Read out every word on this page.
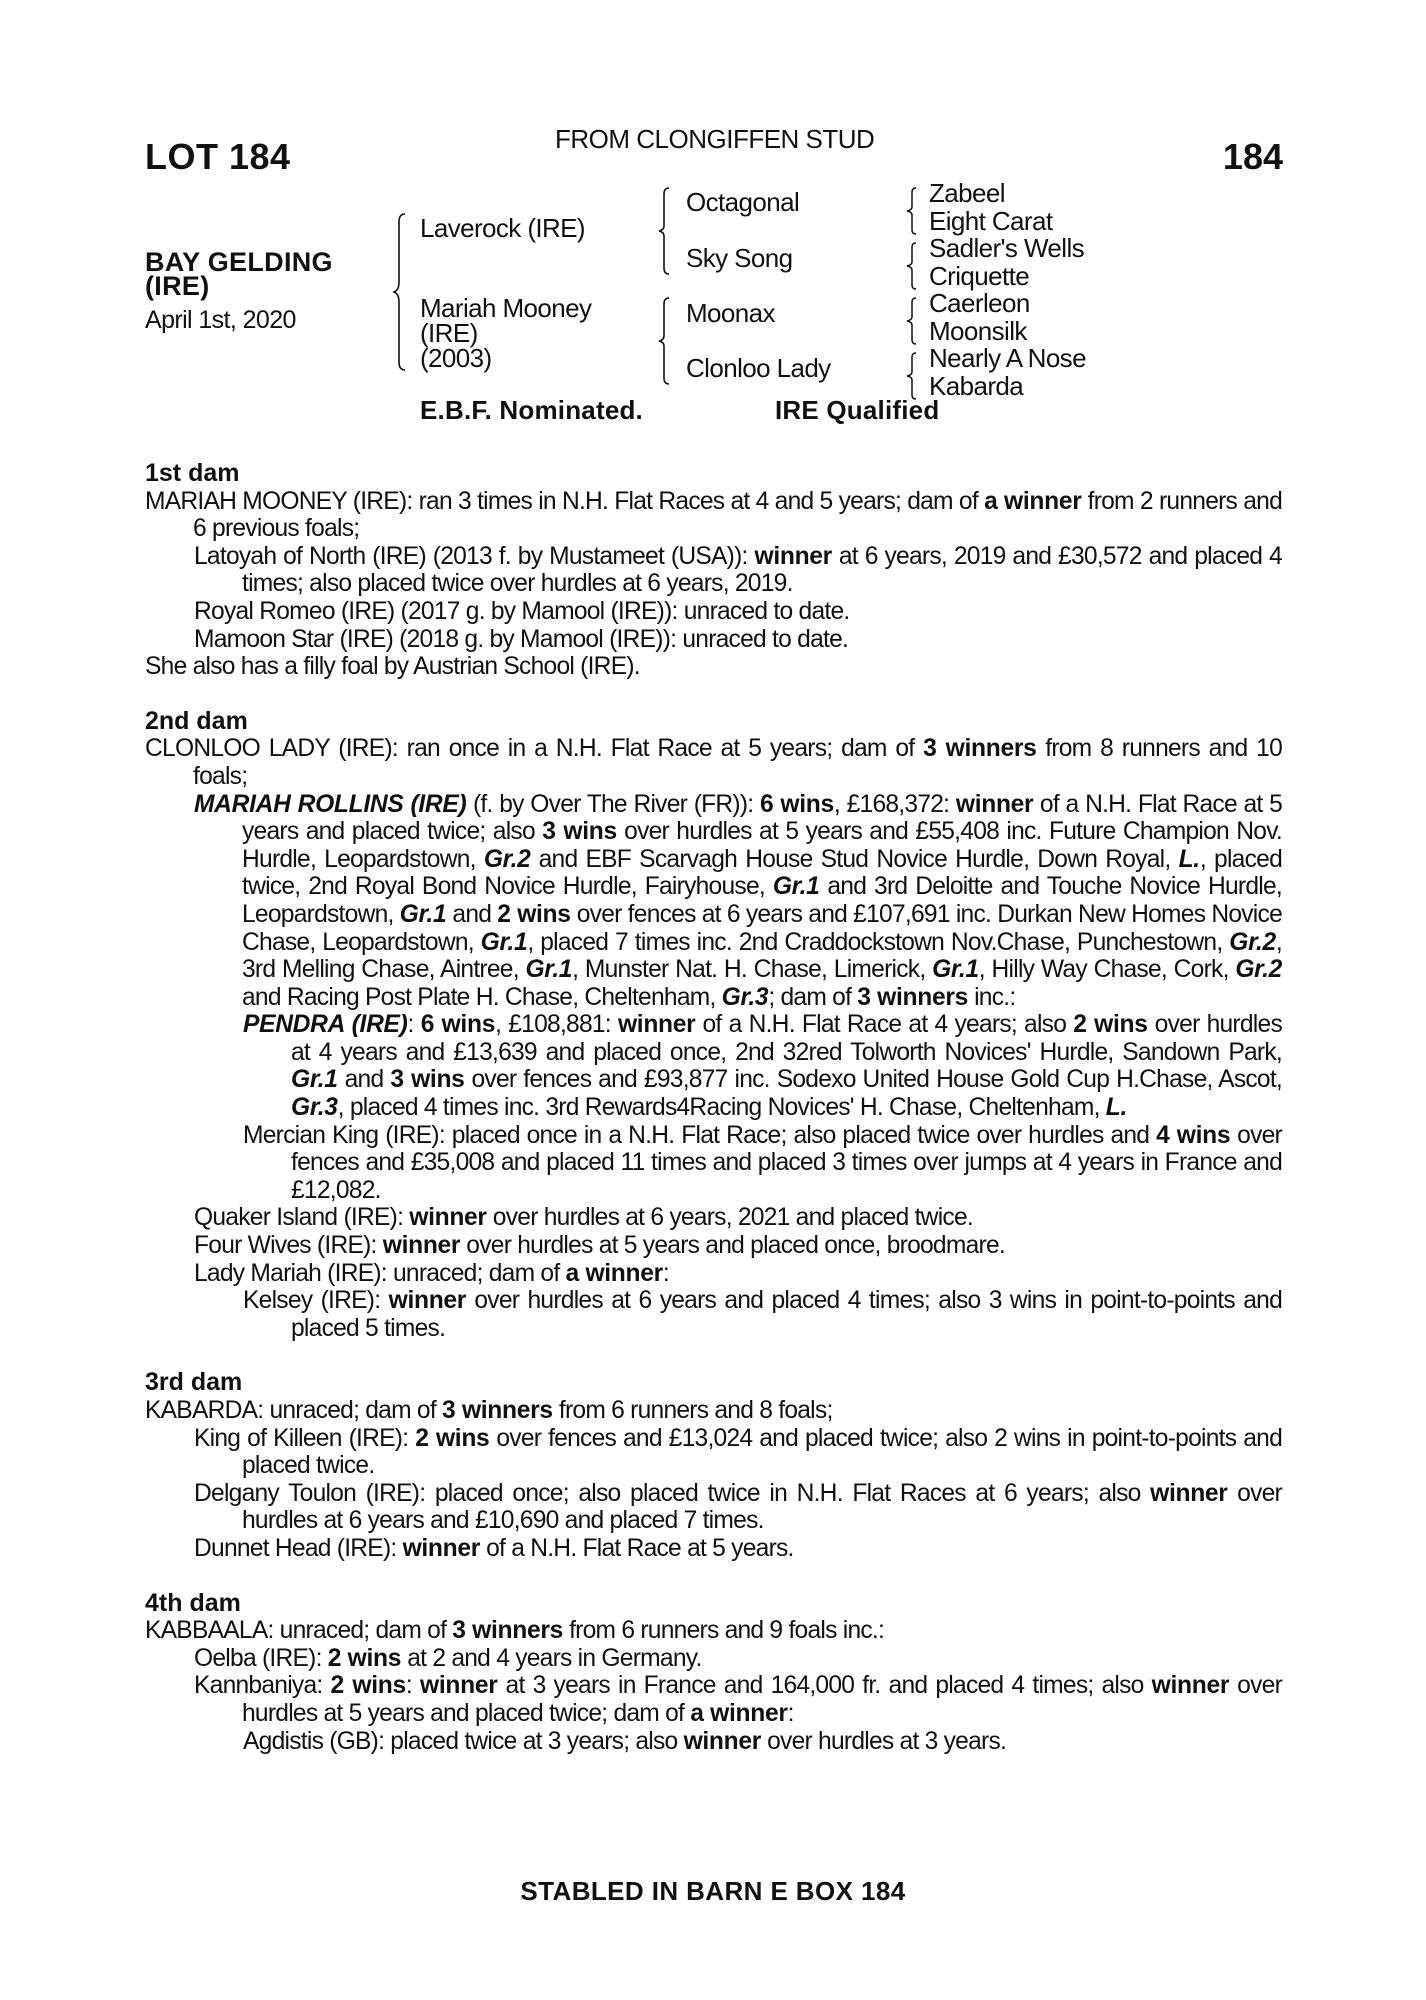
LOT 184	FROM CLONGIFFEN STUD	184
BAY GELDING
(IRE)
April 1st, 2020
Laverock (IRE)
Mariah Mooney
(IRE)
(2003)
Octagonal
Sky Song
Moonax
Clonloo Lady
Zabeel
Eight Carat
Sadler's Wells
Criquette
Caerleon
Moonsilk
Nearly A Nose
Kabarda
E.B.F. Nominated.	IRE Qualified
1st dam

MARIAH MOONEY (IRE): ran 3 times in N.H. Flat Races at 4 and 5 years; dam of a winner from 2 runners and 6 previous foals;

Latoyah of North (IRE) (2013 f. by Mustameet (USA)): winner at 6 years, 2019 and £30,572 and placed 4 times; also placed twice over hurdles at 6 years, 2019.

Royal Romeo (IRE) (2017 g. by Mamool (IRE)): unraced to date.

Mamoon Star (IRE) (2018 g. by Mamool (IRE)): unraced to date.

She also has a filly foal by Austrian School (IRE).

2nd dam

CLONLOO LADY (IRE): ran once in a N.H. Flat Race at 5 years; dam of 3 winners from 8 runners and 10 foals;

MARIAH ROLLINS (IRE) (f. by Over The River (FR)): 6 wins, £168,372: winner of a N.H. Flat Race at 5 years and placed twice; also 3 wins over hurdles at 5 years and £55,408 inc. Future Champion Nov. Hurdle, Leopardstown, Gr.2 and EBF Scarvagh House Stud Novice Hurdle, Down Royal, L., placed twice, 2nd Royal Bond Novice Hurdle, Fairyhouse, Gr.1 and 3rd Deloitte and Touche Novice Hurdle, Leopardstown, Gr.1 and 2 wins over fences at 6 years and £107,691 inc. Durkan New Homes Novice Chase, Leopardstown, Gr.1, placed 7 times inc. 2nd Craddockstown Nov.Chase, Punchestown, Gr.2, 3rd Melling Chase, Aintree, Gr.1, Munster Nat. H. Chase, Limerick, Gr.1, Hilly Way Chase, Cork, Gr.2 and Racing Post Plate H. Chase, Cheltenham, Gr.3; dam of 3 winners inc.:

PENDRA (IRE): 6 wins, £108,881: winner of a N.H. Flat Race at 4 years; also 2 wins over hurdles at 4 years and £13,639 and placed once, 2nd 32red Tolworth Novices' Hurdle, Sandown Park, Gr.1 and 3 wins over fences and £93,877 inc. Sodexo United House Gold Cup H.Chase, Ascot, Gr.3, placed 4 times inc. 3rd Rewards4Racing Novices' H. Chase, Cheltenham, L.

Mercian King (IRE): placed once in a N.H. Flat Race; also placed twice over hurdles and 4 wins over fences and £35,008 and placed 11 times and placed 3 times over jumps at 4 years in France and £12,082.

Quaker Island (IRE): winner over hurdles at 6 years, 2021 and placed twice.

Four Wives (IRE): winner over hurdles at 5 years and placed once, broodmare.

Lady Mariah (IRE): unraced; dam of a winner:

Kelsey (IRE): winner over hurdles at 6 years and placed 4 times; also 3 wins in point-to-points and placed 5 times.

3rd dam

KABARDA: unraced; dam of 3 winners from 6 runners and 8 foals;

King of Killeen (IRE): 2 wins over fences and £13,024 and placed twice; also 2 wins in point-to-points and placed twice.

Delgany Toulon (IRE): placed once; also placed twice in N.H. Flat Races at 6 years; also winner over hurdles at 6 years and £10,690 and placed 7 times.

Dunnet Head (IRE): winner of a N.H. Flat Race at 5 years.

4th dam

KABBAALA: unraced; dam of 3 winners from 6 runners and 9 foals inc.:

Oelba (IRE): 2 wins at 2 and 4 years in Germany.

Kannbaniya: 2 wins: winner at 3 years in France and 164,000 fr. and placed 4 times; also winner over hurdles at 5 years and placed twice; dam of a winner:

Agdistis (GB): placed twice at 3 years; also winner over hurdles at 3 years.

STABLED IN BARN E BOX 184
